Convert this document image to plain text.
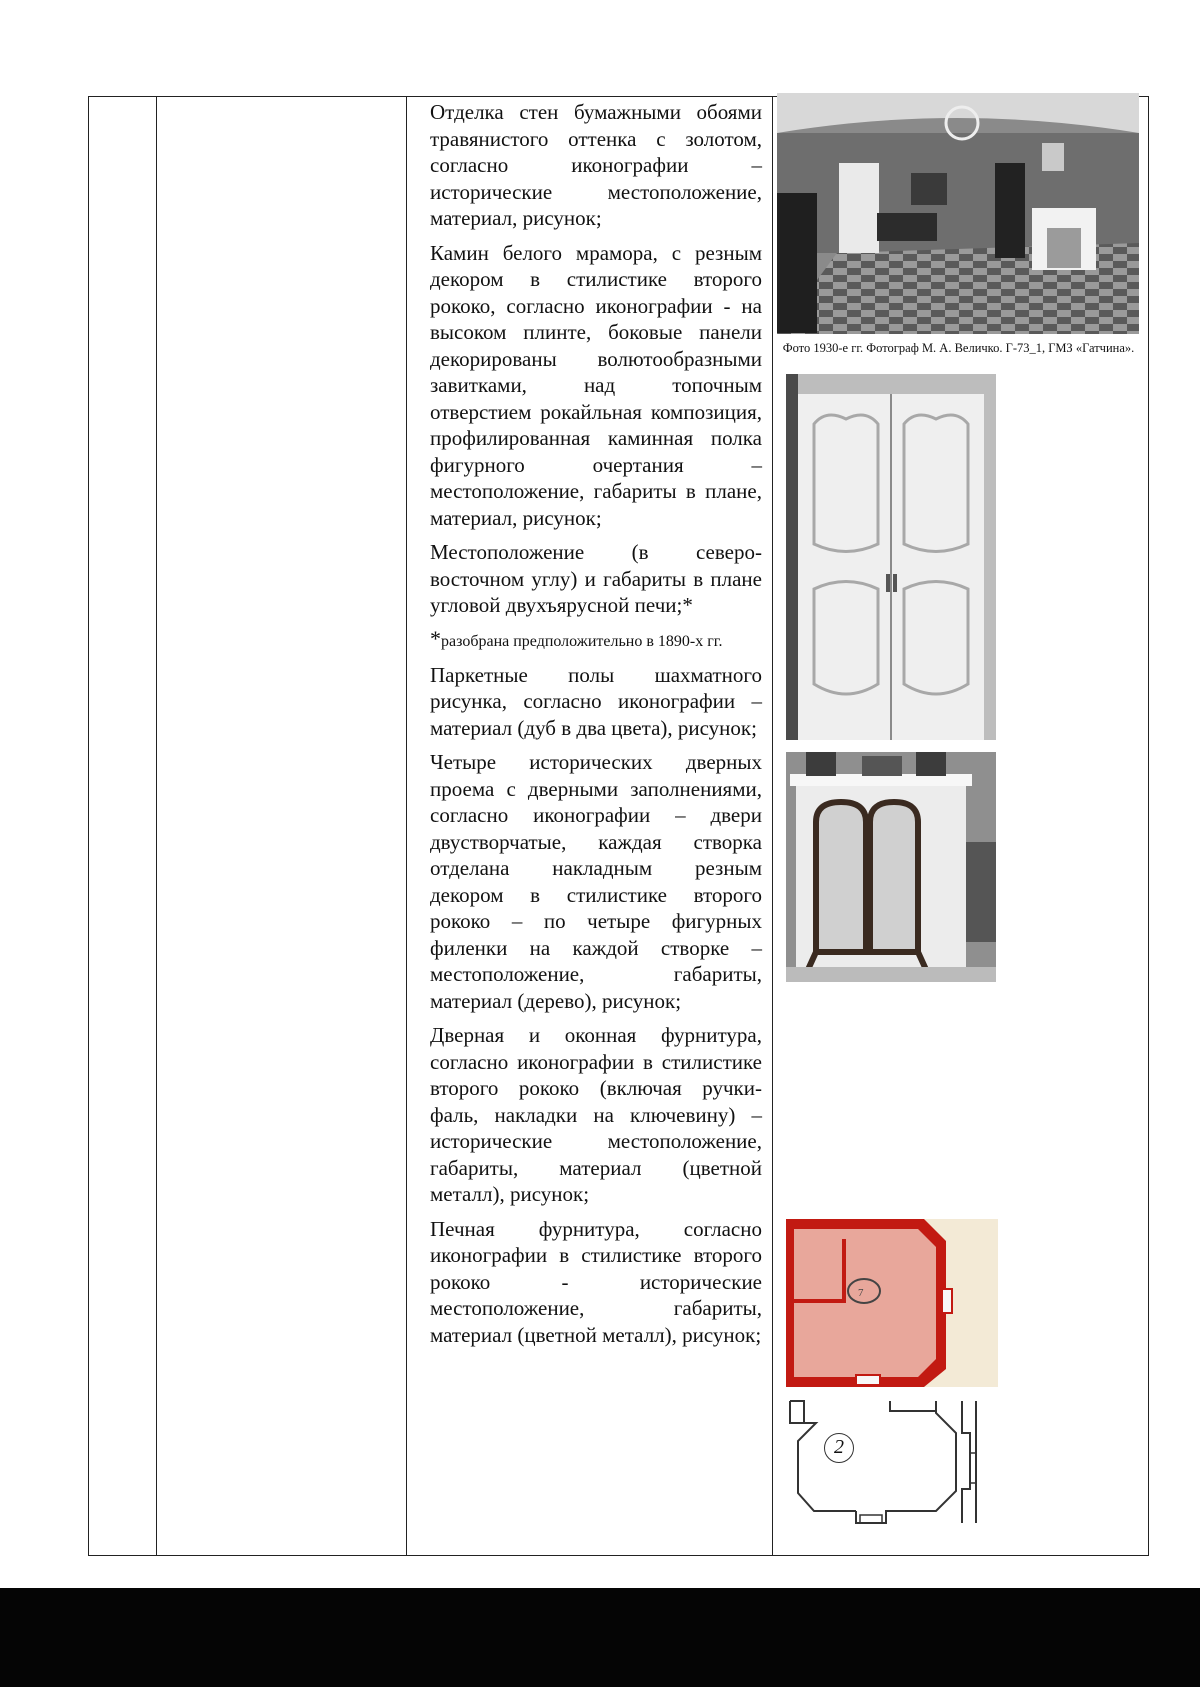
Отделка стен бумажными обоями травянистого оттенка с золотом, согласно иконографии – исторические местоположение, материал, рисунок;

Камин белого мрамора, с резным декором в стилистике второго рококо, согласно иконографии - на высоком плинте, боковые панели декорированы волютообразными завитками, над топочным отверстием рокайльная композиция, профилированная каминная полка фигурного очертания – местоположение, габариты в плане, материал, рисунок;

Местоположение (в северо-восточном углу) и габариты в плане угловой двухъярусной печи;*

*разобрана предположительно в 1890-х гг.

Паркетные полы шахматного рисунка, согласно иконографии – материал (дуб в два цвета), рисунок;

Четыре исторических дверных проема с дверными заполнениями, согласно иконографии – двери двустворчатые, каждая створка отделана накладным резным декором в стилистике второго рококо – по четыре фигурных филенки на каждой створке – местоположение, габариты, материал (дерево), рисунок;

Дверная и оконная фурнитура, согласно иконографии в стилистике второго рококо (включая ручки-фаль, накладки на ключевину) – исторические местоположение, габариты, материал (цветной металл), рисунок;

Печная фурнитура, согласно иконографии в стилистике второго рококо - исторические местоположение, габариты, материал (цветной металл), рисунок;

Фото 1930-е гг. Фотограф М. А. Величко. Г-73_1, ГМЗ «Гатчина».
7
2
